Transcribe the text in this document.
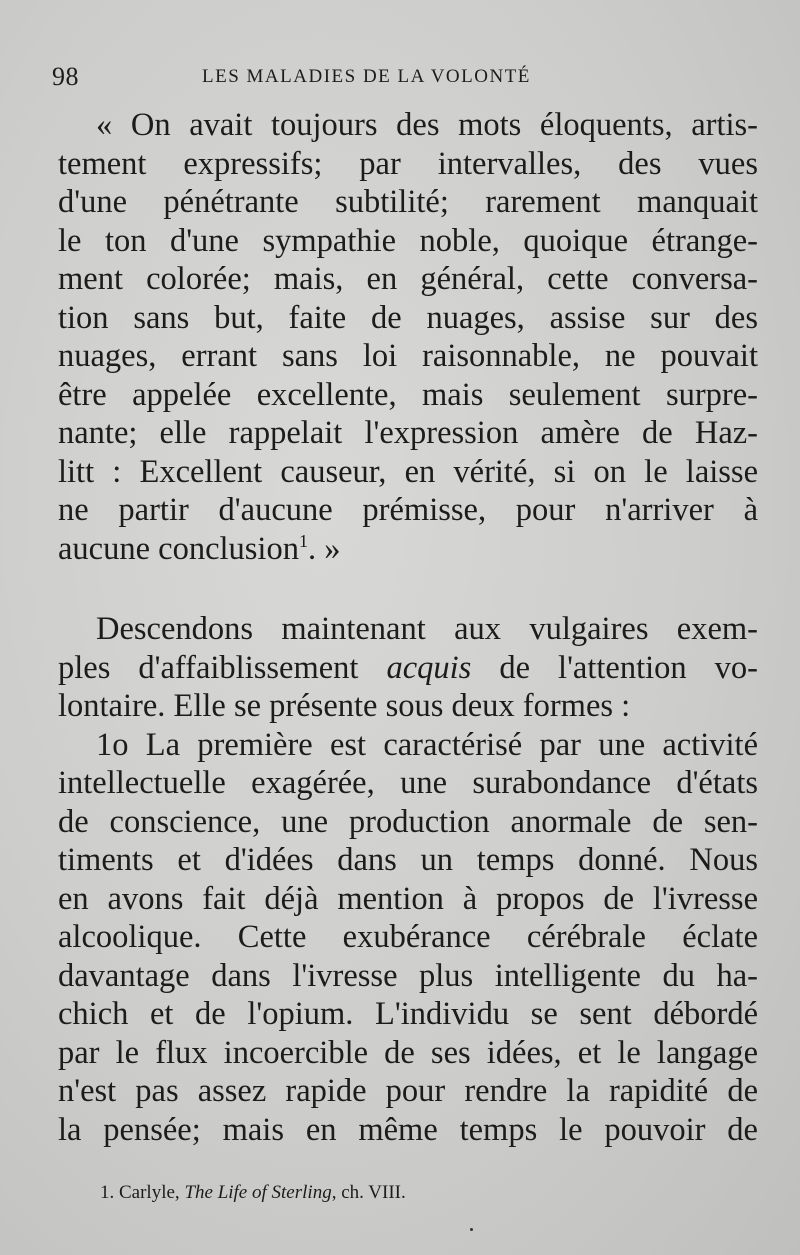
98	LES MALADIES DE LA VOLONTÉ
« On avait toujours des mots éloquents, artis-
tement expressifs; par intervalles, des vues
d'une pénétrante subtilité; rarement manquait
le ton d'une sympathie noble, quoique étrange-
ment colorée; mais, en général, cette conversa-
tion sans but, faite de nuages, assise sur des
nuages, errant sans loi raisonnable, ne pouvait
être appelée excellente, mais seulement surpre-
nante; elle rappelait l'expression amère de Haz-
litt : Excellent causeur, en vérité, si on le laisse
ne partir d'aucune prémisse, pour n'arriver à
aucune conclusion$^1$. »
Descendons maintenant aux vulgaires exem-
ples d'affaiblissement acquis de l'attention vo-
lontaire. Elle se présente sous deux formes :
1o La première est caractérisé par une activité
intellectuelle exagérée, une surabondance d'états
de conscience, une production anormale de sen-
timents et d'idées dans un temps donné. Nous
en avons fait déjà mention à propos de l'ivresse
alcoolique. Cette exubérance cérébrale éclate
davantage dans l'ivresse plus intelligente du ha-
chich et de l'opium. L'individu se sent débordé
par le flux incoercible de ses idées, et le langage
n'est pas assez rapide pour rendre la rapidité de
la pensée; mais en même temps le pouvoir de
1. Carlyle, The Life of Sterling, ch. VIII.
